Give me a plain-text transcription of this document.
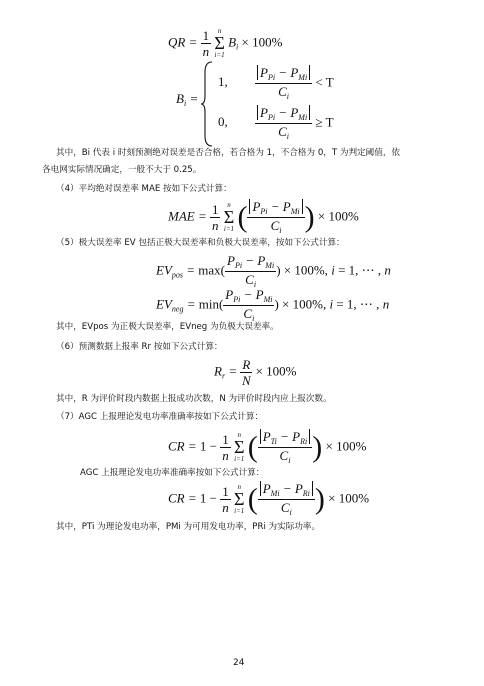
QR = $\frac{1}{n}$
n
Σ
i=1
$B_i \times 100\%$
$B_i$ =
1, $\frac{P_{Pi} - P_{Mi}}{C_i} < T$
0, $\frac{P_{Pi} - P_{Mi}}{C_i} \ge T$
其中，Bi 代表 i 时刻预测绝对误差是否合格，若合格为 1，不合格为 0，T 为判定阈值，依
各电网实际情况确定，一般不大于 0.25。
（4）平均绝对误差率 MAE 按如下公式计算：
MAE = $\frac{1}{n}$
n
Σ
i=1 ( $\frac{P_{Pi} - P_{Mi}}{C_i}$ ) × 100%
（5）极大误差率 EV 包括正极大误差率和负极大误差率，按如下公式计算：
$EV_{pos} = \max( \frac{P_{Pi} - P_{Mi}}{C_i}$ ) × 100%, i = 1, ⋯ , n
$EV_{neg} = \min( \frac{P_{Pi} - P_{Mi}}{C_i}$ ) × 100%, i = 1, ⋯ , n
其中，EVpos 为正极大误差率，EVneg 为负极大误差率。
（6）预测数据上报率 Rr 按如下公式计算：
$R_r = \frac{R}{N} \times 100\%$
其中，R 为评价时段内数据上报成功次数，N 为评价时段内应上报次数。
（7）AGC 上报理论发电功率准确率按如下公式计算：
CR = $1 - \frac{1}{n}$
n
Σ
i=1 ( $\frac{P_{Ti} - P_{Ri}}{C_i}$ ) × 100%
AGC 上报理论发电功率准确率按如下公式计算：
CR = $1 - \frac{1}{n}$
n
Σ
i=1 ( $\frac{P_{Mi} - P_{Ri}}{C_i}$ ) × 100%
其中，PTi 为理论发电功率，PMi 为可用发电功率，PRi 为实际功率。
24
